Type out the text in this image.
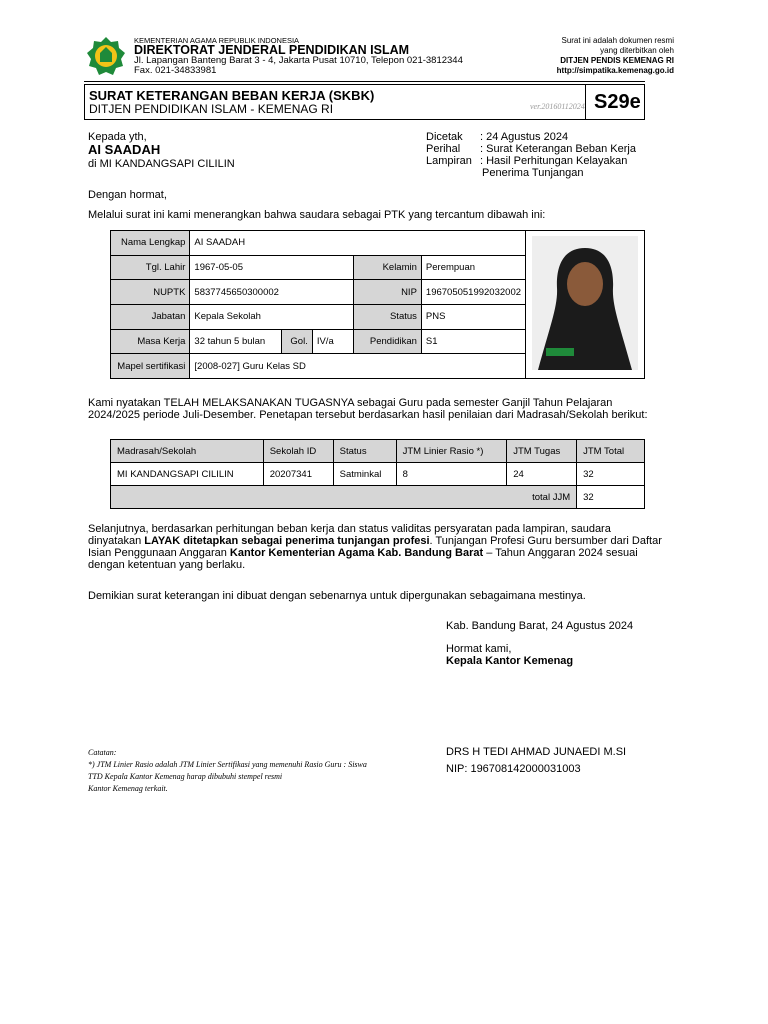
KEMENTERIAN AGAMA REPUBLIK INDONESIA
DIREKTORAT JENDERAL PENDIDIKAN ISLAM
Jl. Lapangan Banteng Barat 3 - 4, Jakarta Pusat 10710, Telepon 021-3812344
Fax. 021-34833981
Surat ini adalah dokumen resmi
yang diterbitkan oleh
DITJEN PENDIS KEMENAG RI
http://simpatika.kemenag.go.id
SURAT KETERANGAN BEBAN KERJA (SKBK)
DITJEN PENDIDIKAN ISLAM - KEMENAG RI	ver.20160112024 S29e
Kepada yth,
AI SAADAH
di MI KANDANGSAPI CILILIN
Dicetak : 24 Agustus 2024
Perihal : Surat Keterangan Beban Kerja
Lampiran : Hasil Perhitungan Kelayakan
Penerima Tunjangan
Dengan hormat,
Melalui surat ini kami menerangkan bahwa saudara sebagai PTK yang tercantum dibawah ini:
Nama Lengkap	AI SAADAH	
Tgl. Lahir	1967-05-05			Kelamin	Perempuan	
NUPTK	5837745650300002			NIP	196705051992032002	
Jabatan	Kepala Sekolah			Status	PNS	
Masa Kerja	32 tahun 5 bulan	Gol.	IV/a	Pendidikan	S1	
Mapel sertifikasi	[2008-027] Guru Kelas SD					
Kami nyatakan TELAH MELAKSANAKAN TUGASNYA sebagai Guru pada semester Ganjil Tahun Pelajaran
2024/2025 periode Juli-Desember. Penetapan tersebut berdasarkan hasil penilaian dari Madrasah/Sekolah berikut:
Madrasah/Sekolah	Sekolah ID	Status	JTM Linier Rasio *)	JTM Tugas	JTM Total
MI KANDANGSAPI CILILIN	20207341	Satminkal	8	24	32
total JJM					32
Selanjutnya, berdasarkan perhitungan beban kerja dan status validitas persyaratan pada lampiran, saudara
dinyatakan LAYAK ditetapkan sebagai penerima tunjangan profesi. Tunjangan Profesi Guru bersumber dari Daftar
Isian Penggunaan Anggaran Kantor Kementerian Agama Kab. Bandung Barat – Tahun Anggaran 2024 sesuai
dengan ketentuan yang berlaku.
Demikian surat keterangan ini dibuat dengan sebenarnya untuk dipergunakan sebagaimana mestinya.
Kab. Bandung Barat, 24 Agustus 2024
Hormat kami,
Kepala Kantor Kemenag
DRS H TEDI AHMAD JUNAEDI M.SI
NIP: 196708142000031003
Catatan:
*) JTM Linier Rasio adalah JTM Linier Sertifikasi yang memenuhi Rasio Guru : Siswa
TTD Kepala Kantor Kemenag harap dibubuhi stempel resmi
Kantor Kemenag terkait.
